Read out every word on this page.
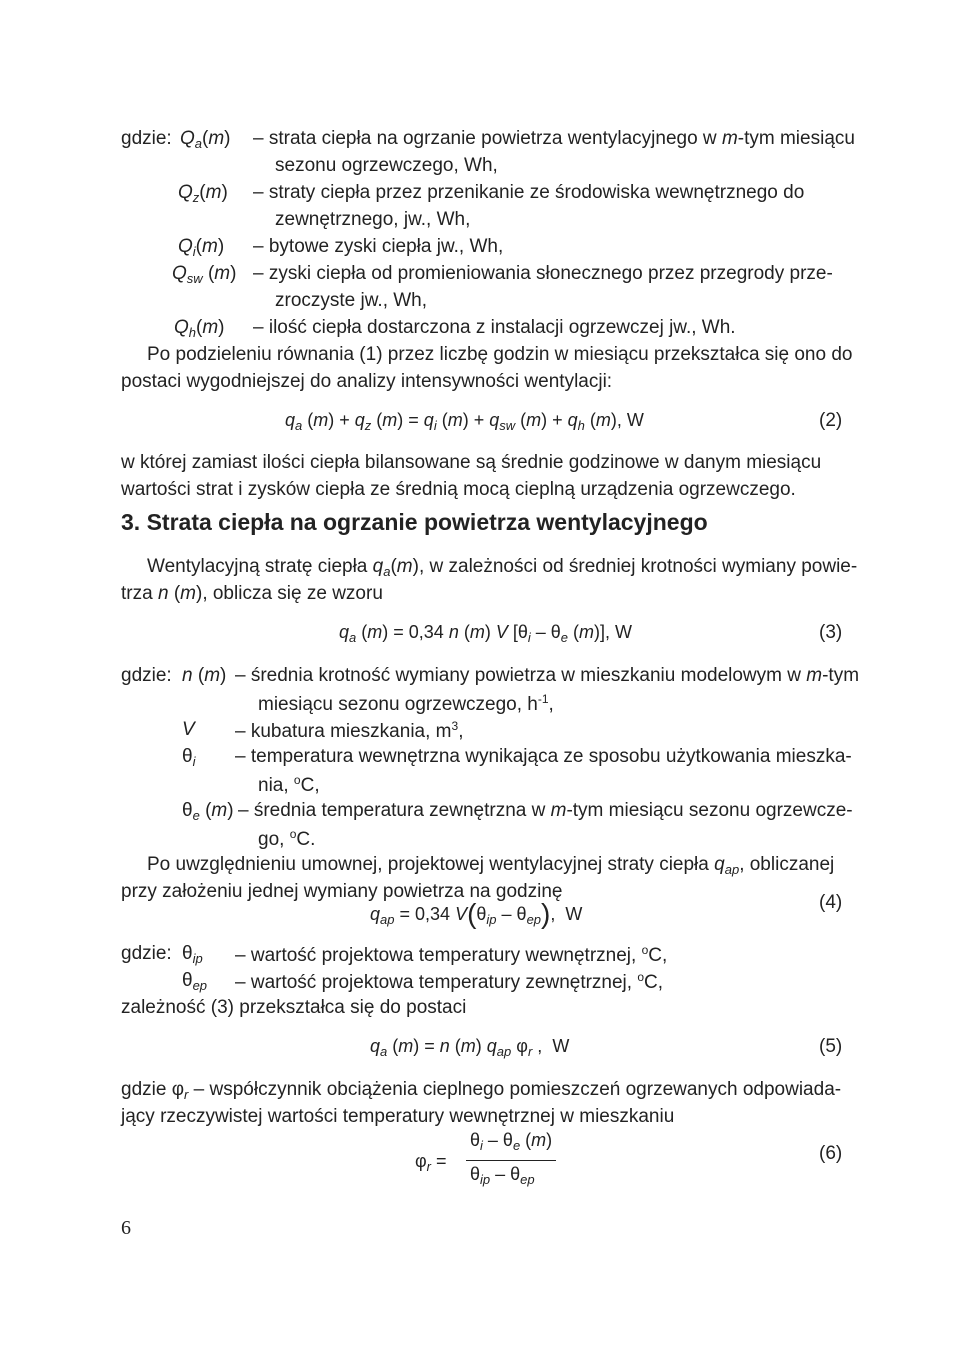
gdzie: $Q_a(m)$ – strata ciepła na ogrzanie powietrza wentylacyjnego w m-tym miesiącu
sezonu ogrzewczego, Wh,
$Q_z(m)$ – straty ciepła przez przenikanie ze środowiska wewnętrznego do
zewnętrznego, jw., Wh,
$Q_i(m)$ – bytowe zyski ciepła jw., Wh,
$Q_{sw}$ (m) – zyski ciepła od promieniowania słonecznego przez przegrody prze-
zroczyste jw., Wh,
$Q_h(m)$ – ilość ciepła dostarczona z instalacji ogrzewczej jw., Wh.
Po podzieleniu równania (1) przez liczbę godzin w miesiącu przekształca się ono do
postaci wygodniejszej do analizy intensywności wentylacji:
$q_a$ $(m) + q_z$ $(m) = q_i$ $(m) + q_{sw}$ $(m) + q_h$ (m), W	(2)
w której zamiast ilości ciepła bilansowane są średnie godzinowe w danym miesiącu
wartości strat i zysków ciepła ze średnią mocą cieplną urządzenia ogrzewczego.
3. Strata ciepła na ogrzanie powietrza wentylacyjnego
Wentylacyjną stratę ciepła $q_a(m)$, w zależności od średniej krotności wymiany powie-
trza n (m), oblicza się ze wzoru
$q_a$ (m) = 0,34 n (m) V [$\theta_i - \theta_e$ (m)], W	(3)
gdzie: n (m) – średnia krotność wymiany powietrza w mieszkaniu modelowym w m-tym
miesiącu sezonu ogrzewczego, $h^{-1}$,
V – kubatura mieszkania, $m^3$,
$\theta_i$ – temperatura wewnętrzna wynikająca ze sposobu użytkowania mieszka-
nia, $^o$C,
$\theta_e$ (m) – średnia temperatura zewnętrzna w m-tym miesiącu sezonu ogrzewcze-
go, $^o$C.
Po uwzględnieniu umownej, projektowej wentylacyjnej straty ciepła $q_{ap}$, obliczanej
przy założeniu jednej wymiany powietrza na godzinę
$q_{ap} = 0,34$ $V(\theta_{ip} - \theta_{ep})$,  W
(4)
gdzie: $\theta_{ip}$ – wartość projektowa temperatury wewnętrznej, $^o$C,
$\theta_{ep}$ – wartość projektowa temperatury zewnętrznej, $^o$C,
zależność (3) przekształca się do postaci
$q_a$ (m) = n (m) $q_{ap}$ $\varphi_r$ ,  W	(5)
gdzie $\varphi_r$ – współczynnik obciążenia cieplnego pomieszczeń ogrzewanych odpowiada-
jący rzeczywistej wartości temperatury wewnętrznej w mieszkaniu
$\varphi_r$ =
$\theta_i - \theta_e$ (m)
$\theta_{ip} - \theta_{ep}$
(6)
6
